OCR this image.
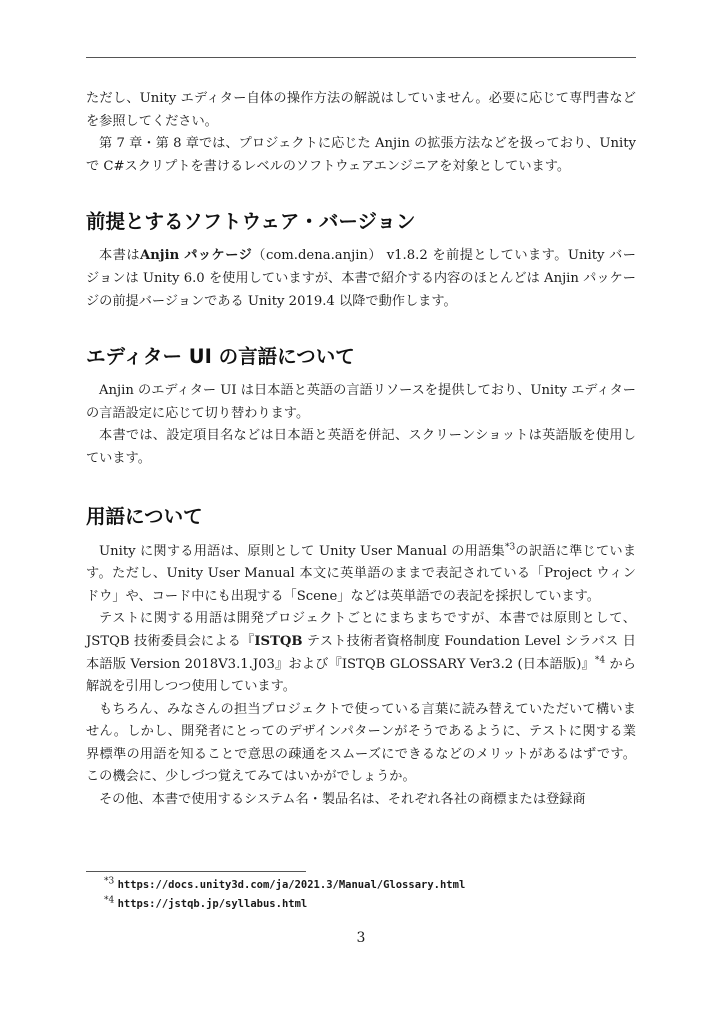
ただし、Unity エディター自体の操作方法の解説はしていません。必要に応じて専門書などを参照してください。

第 7 章・第 8 章では、プロジェクトに応じた Anjin の拡張方法などを扱っており、Unity で C#スクリプトを書けるレベルのソフトウェアエンジニアを対象としています。

前提とするソフトウェア・バージョン

本書はAnjin パッケージ（com.dena.anjin） v1.8.2 を前提としています。Unity バージョンは Unity 6.0 を使用していますが、本書で紹介する内容のほとんどは Anjin パッケージの前提バージョンである Unity 2019.4 以降で動作します。

エディター UI の言語について

Anjin のエディター UI は日本語と英語の言語リソースを提供しており、Unity エディターの言語設定に応じて切り替わります。

本書では、設定項目名などは日本語と英語を併記、スクリーンショットは英語版を使用しています。

用語について

Unity に関する用語は、原則として Unity User Manual の用語集$^{*3}$の訳語に準じています。ただし、Unity User Manual 本文に英単語のままで表記されている「Project ウィンドウ」や、コード中にも出現する「Scene」などは英単語での表記を採択しています。

テストに関する用語は開発プロジェクトごとにまちまちですが、本書では原則として、JSTQB 技術委員会による『ISTQB テスト技術者資格制度 Foundation Level シラバス 日本語版 Version 2018V3.1.J03』および『ISTQB GLOSSARY Ver3.2 (日本語版)』$^{*4}$ から解説を引用しつつ使用しています。

もちろん、みなさんの担当プロジェクトで使っている言葉に読み替えていただいて構いません。しかし、開発者にとってのデザインパターンがそうであるように、テストに関する業界標準の用語を知ることで意思の疎通をスムーズにできるなどのメリットがあるはずです。この機会に、少しづつ覚えてみてはいかがでしょうか。

その他、本書で使用するシステム名・製品名は、それぞれ各社の商標または登録商

$^{*3}$ https://docs.unity3d.com/ja/2021.3/Manual/Glossary.html
$^{*4}$ https://jstqb.jp/syllabus.html
3
